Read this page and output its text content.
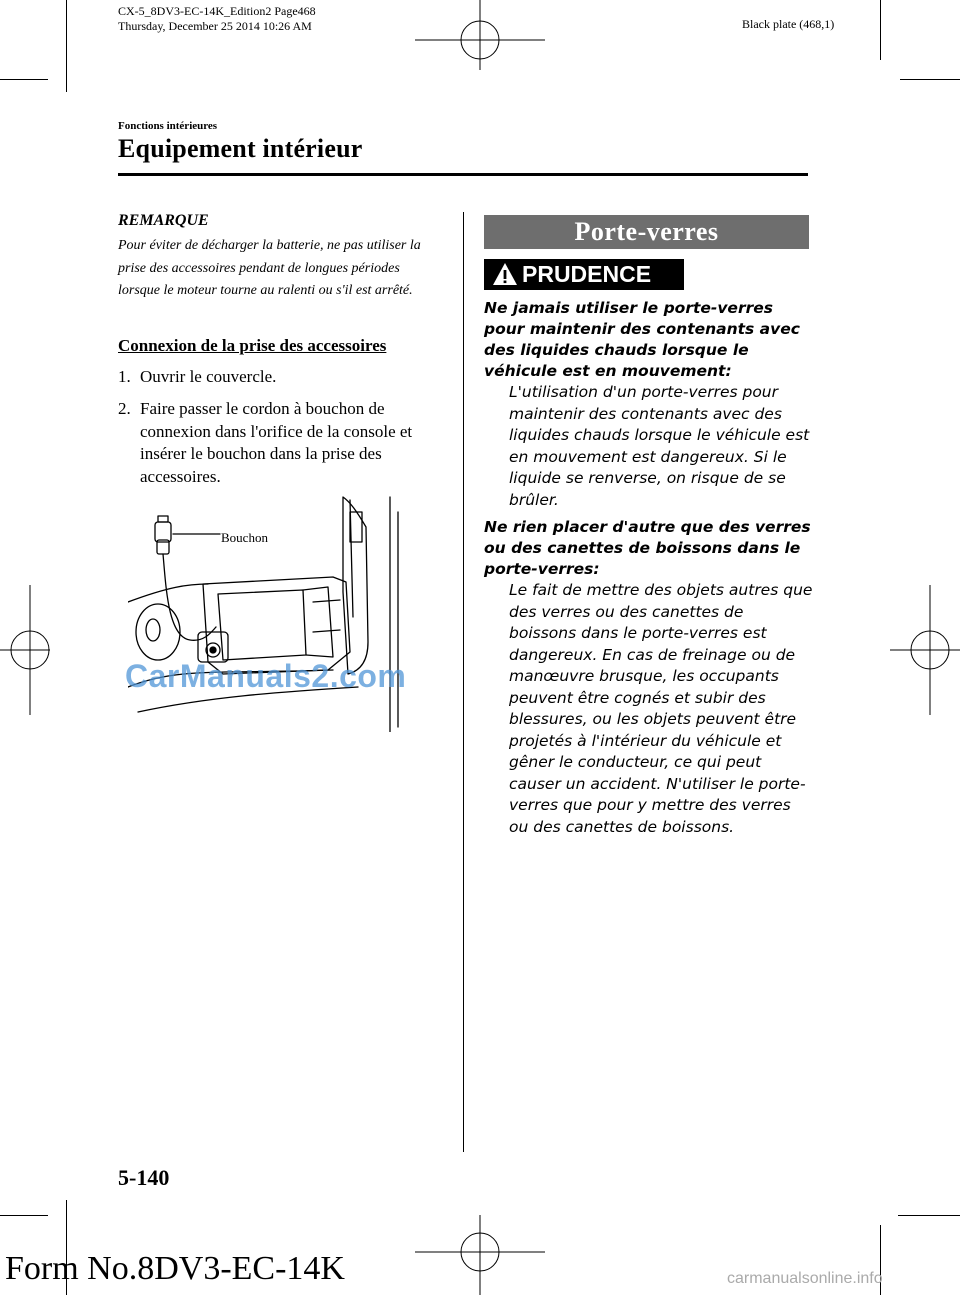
CX-5_8DV3-EC-14K_Edition2 Page468
Thursday, December 25 2014 10:26 AM	Black plate (468,1)
Fonctions intérieures
Equipement intérieur
REMARQUE
Pour éviter de décharger la batterie, ne pas utiliser la prise des accessoires pendant de longues périodes lorsque le moteur tourne au ralenti ou s'il est arrêté.
Connexion de la prise des accessoires
1. Ouvrir le couvercle.
2. Faire passer le cordon à bouchon de connexion dans l'orifice de la console et insérer le bouchon dans la prise des accessoires.
Bouchon
Porte-verres
PRUDENCE
Ne jamais utiliser le porte-verres pour maintenir des contenants avec des liquides chauds lorsque le véhicule est en mouvement:
L'utilisation d'un porte-verres pour maintenir des contenants avec des liquides chauds lorsque le véhicule est en mouvement est dangereux. Si le liquide se renverse, on risque de se brûler.
Ne rien placer d'autre que des verres ou des canettes de boissons dans le porte-verres:
Le fait de mettre des objets autres que des verres ou des canettes de boissons dans le porte-verres est dangereux. En cas de freinage ou de manœuvre brusque, les occupants peuvent être cognés et subir des blessures, ou les objets peuvent être projetés à l'intérieur du véhicule et gêner le conducteur, ce qui peut causer un accident. N'utiliser le porte-verres que pour y mettre des verres ou des canettes de boissons.
CarManuals2.com
5-140
Form No.8DV3-EC-14K	carmanualsonline.info
